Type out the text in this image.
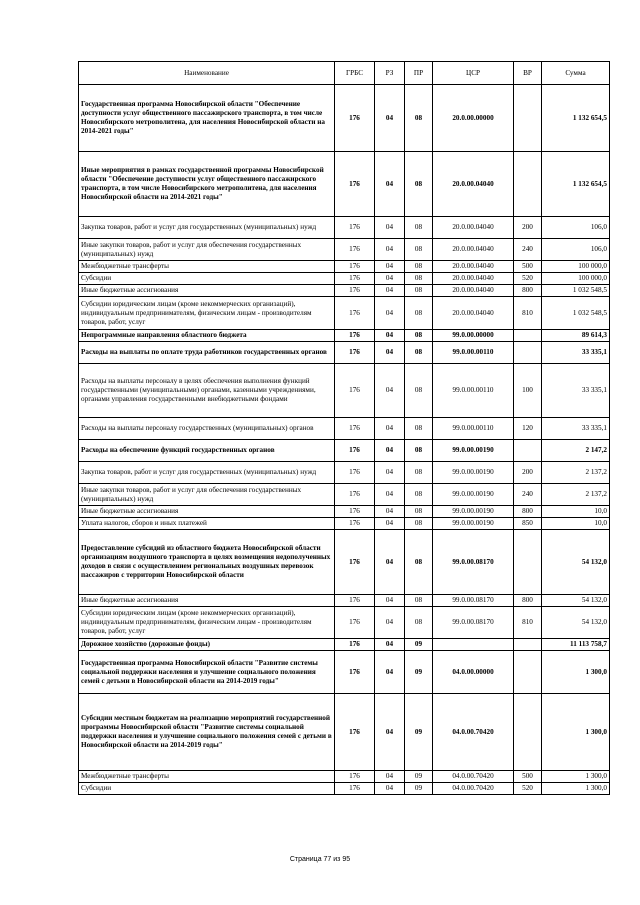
Наименование	ГРБС	РЗ	ПР	ЦСР	ВР	Сумма
Государственная программа Новосибирской области "Обеспечение доступности услуг общественного пассажирского транспорта, в том числе Новосибирского метрополитена, для населения Новосибирской области на 2014-2021 годы"	176	04	08	20.0.00.00000		1 132 654,5
Иные мероприятия в рамках государственной программы Новосибирской области "Обеспечение доступности услуг общественного пассажирского транспорта, в том числе Новосибирского метрополитена, для населения Новосибирской области на 2014-2021 годы"	176	04	08	20.0.00.04040		1 132 654,5
Закупка товаров, работ и услуг для государственных (муниципальных) нужд	176	04	08	20.0.00.04040	200	106,0
Иные закупки товаров, работ и услуг для обеспечения государственных (муниципальных) нужд	176	04	08	20.0.00.04040	240	106,0
Межбюджетные трансферты	176	04	08	20.0.00.04040	500	100 000,0
Субсидии	176	04	08	20.0.00.04040	520	100 000,0
Иные бюджетные ассигнования	176	04	08	20.0.00.04040	800	1 032 548,5
Субсидии юридическим лицам (кроме некоммерческих организаций), индивидуальным предпринимателям, физическим лицам - производителям товаров, работ, услуг	176	04	08	20.0.00.04040	810	1 032 548,5
Непрограммные направления областного бюджета	176	04	08	99.0.00.00000		89 614,3
Расходы на выплаты по оплате труда работников государственных органов	176	04	08	99.0.00.00110		33 335,1
Расходы на выплаты персоналу в целях обеспечения выполнения функций государственными (муниципальными) органами, казенными учреждениями, органами управления государственными внебюджетными фондами	176	04	08	99.0.00.00110	100	33 335,1
Расходы на выплаты персоналу государственных (муниципальных) органов	176	04	08	99.0.00.00110	120	33 335,1
Расходы на обеспечение функций государственных органов	176	04	08	99.0.00.00190		2 147,2
Закупка товаров, работ и услуг для государственных (муниципальных) нужд	176	04	08	99.0.00.00190	200	2 137,2
Иные закупки товаров, работ и услуг для обеспечения государственных (муниципальных) нужд	176	04	08	99.0.00.00190	240	2 137,2
Иные бюджетные ассигнования	176	04	08	99.0.00.00190	800	10,0
Уплата налогов, сборов и иных платежей	176	04	08	99.0.00.00190	850	10,0
Предоставление субсидий из областного бюджета Новосибирской области организациям воздушного транспорта в целях возмещения недополученных доходов в связи с осуществлением региональных воздушных перевозок пассажиров с территории Новосибирской области	176	04	08	99.0.00.08170		54 132,0
Иные бюджетные ассигнования	176	04	08	99.0.00.08170	800	54 132,0
Субсидии юридическим лицам (кроме некоммерческих организаций), индивидуальным предпринимателям, физическим лицам - производителям товаров, работ, услуг	176	04	08	99.0.00.08170	810	54 132,0
Дорожное хозяйство (дорожные фонды)	176	04	09			11 113 758,7
Государственная программа Новосибирской области "Развитие системы социальной поддержки населения и улучшение социального положения семей с детьми в Новосибирской области на 2014-2019 годы"	176	04	09	04.0.00.00000		1 300,0
Субсидии местным бюджетам на реализацию мероприятий государственной программы Новосибирской области "Развитие системы социальной поддержки населения и улучшение социального положения семей с детьми в Новосибирской области на 2014-2019 годы"	176	04	09	04.0.00.70420		1 300,0
Межбюджетные трансферты	176	04	09	04.0.00.70420	500	1 300,0
Субсидии	176	04	09	04.0.00.70420	520	1 300,0
Страница 77 из 95
